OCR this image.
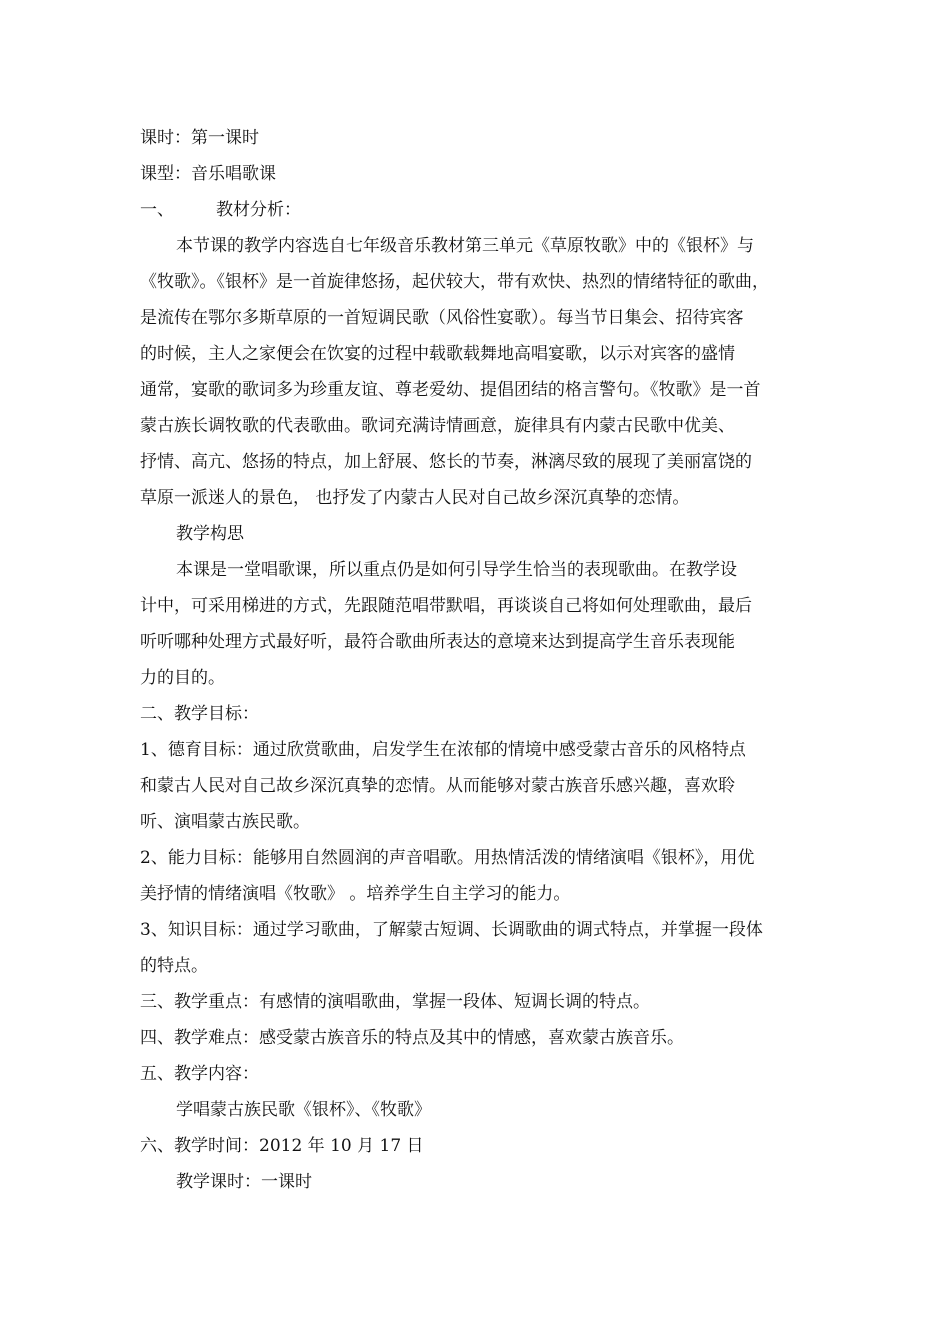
课时：第一课时
课型：音乐唱歌课
一、 教材分析：
本节课的教学内容选自七年级音乐教材第三单元《草原牧歌》中的《银杯》与
《牧歌》。《银杯》是一首旋律悠扬，起伏较大，带有欢快、热烈的情绪特征的歌曲，
是流传在鄂尔多斯草原的一首短调民歌（风俗性宴歌）。每当节日集会、招待宾客
的时候，主人之家便会在饮宴的过程中载歌载舞地高唱宴歌，以示对宾客的盛情
通常，宴歌的歌词多为珍重友谊、尊老爱幼、提倡团结的格言警句。《牧歌》是一首
蒙古族长调牧歌的代表歌曲。歌词充满诗情画意，旋律具有内蒙古民歌中优美、
抒情、高亢、悠扬的特点，加上舒展、悠长的节奏，淋漓尽致的展现了美丽富饶的
草原一派迷人的景色， 也抒发了内蒙古人民对自己故乡深沉真挚的恋情。
教学构思
本课是一堂唱歌课，所以重点仍是如何引导学生恰当的表现歌曲。在教学设
计中，可采用梯进的方式，先跟随范唱带默唱，再谈谈自己将如何处理歌曲，最后
听听哪种处理方式最好听，最符合歌曲所表达的意境来达到提高学生音乐表现能
力的目的。
二、教学目标：
1、德育目标：通过欣赏歌曲，启发学生在浓郁的情境中感受蒙古音乐的风格特点
和蒙古人民对自己故乡深沉真挚的恋情。从而能够对蒙古族音乐感兴趣，喜欢聆
听、演唱蒙古族民歌。
2、能力目标：能够用自然圆润的声音唱歌。用热情活泼的情绪演唱《银杯》，用优
美抒情的情绪演唱《牧歌》 。培养学生自主学习的能力。
3、知识目标：通过学习歌曲，了解蒙古短调、长调歌曲的调式特点，并掌握一段体
的特点。
三、教学重点：有感情的演唱歌曲，掌握一段体、短调长调的特点。
四、教学难点：感受蒙古族音乐的特点及其中的情感，喜欢蒙古族音乐。
五、教学内容：
学唱蒙古族民歌《银杯》、《牧歌》
六、教学时间：2012 年 10 月 17 日
教学课时：一课时
